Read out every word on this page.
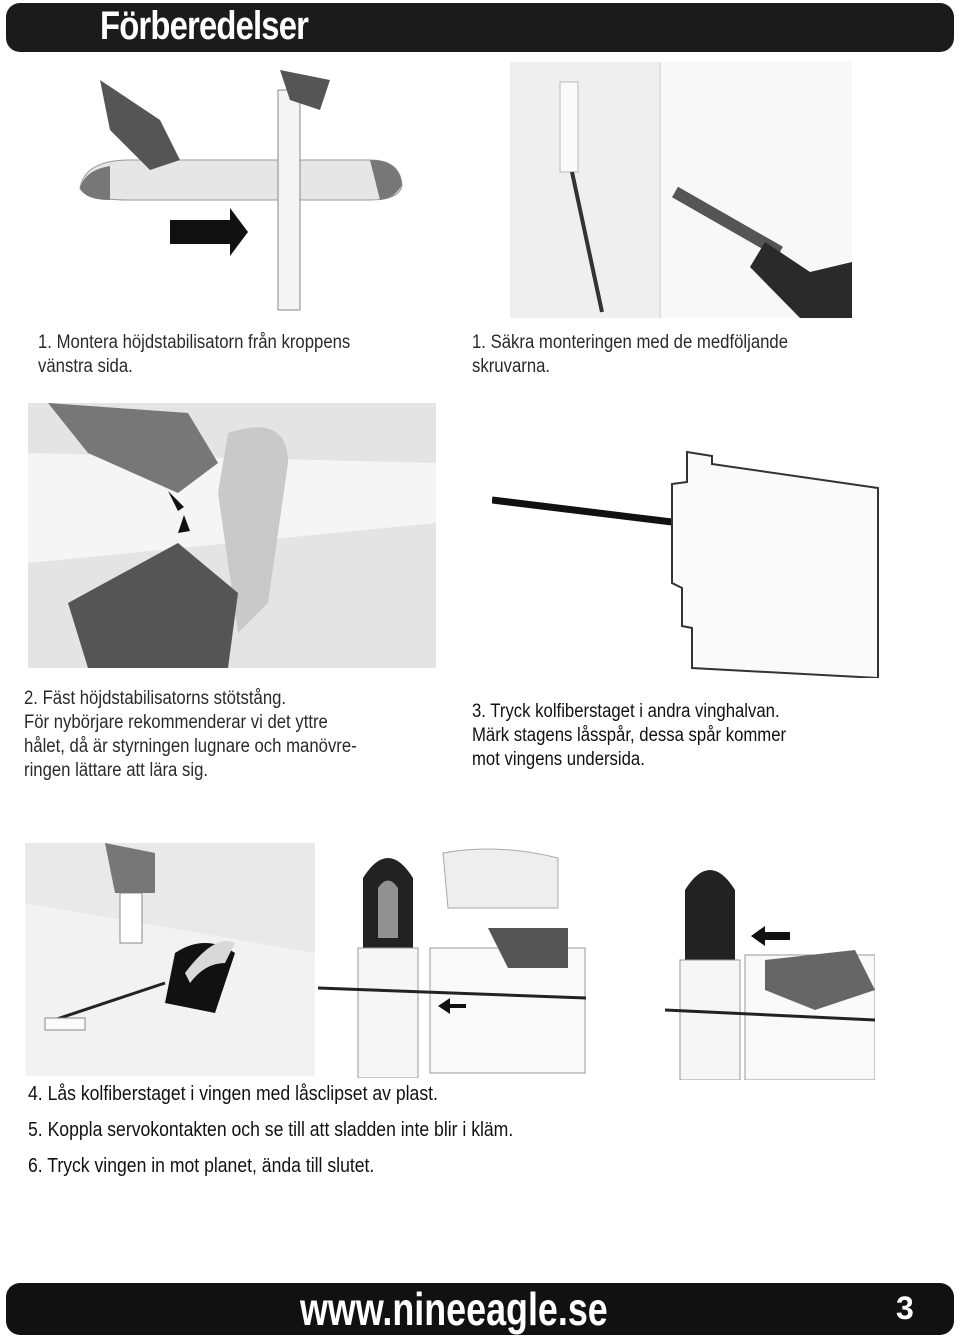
Förberedelser
1. Montera höjdstabilisatorn från kroppens
vänstra sida.
1. Säkra monteringen med de medföljande
skruvarna.
2. Fäst höjdstabilisatorns stötstång.
För nybörjare rekommenderar vi det yttre
hålet, då är styrningen lugnare och manövre-
ringen lättare att lära sig.
3. Tryck kolfiberstaget i andra vinghalvan.
Märk stagens låsspår, dessa spår kommer
mot vingens undersida.
4. Lås kolfiberstaget i vingen med låsclipset av plast.
5. Koppla servokontakten och se till att sladden inte blir i kläm.
6. Tryck vingen in mot planet, ända till slutet.
www.nineeagle.se	3
